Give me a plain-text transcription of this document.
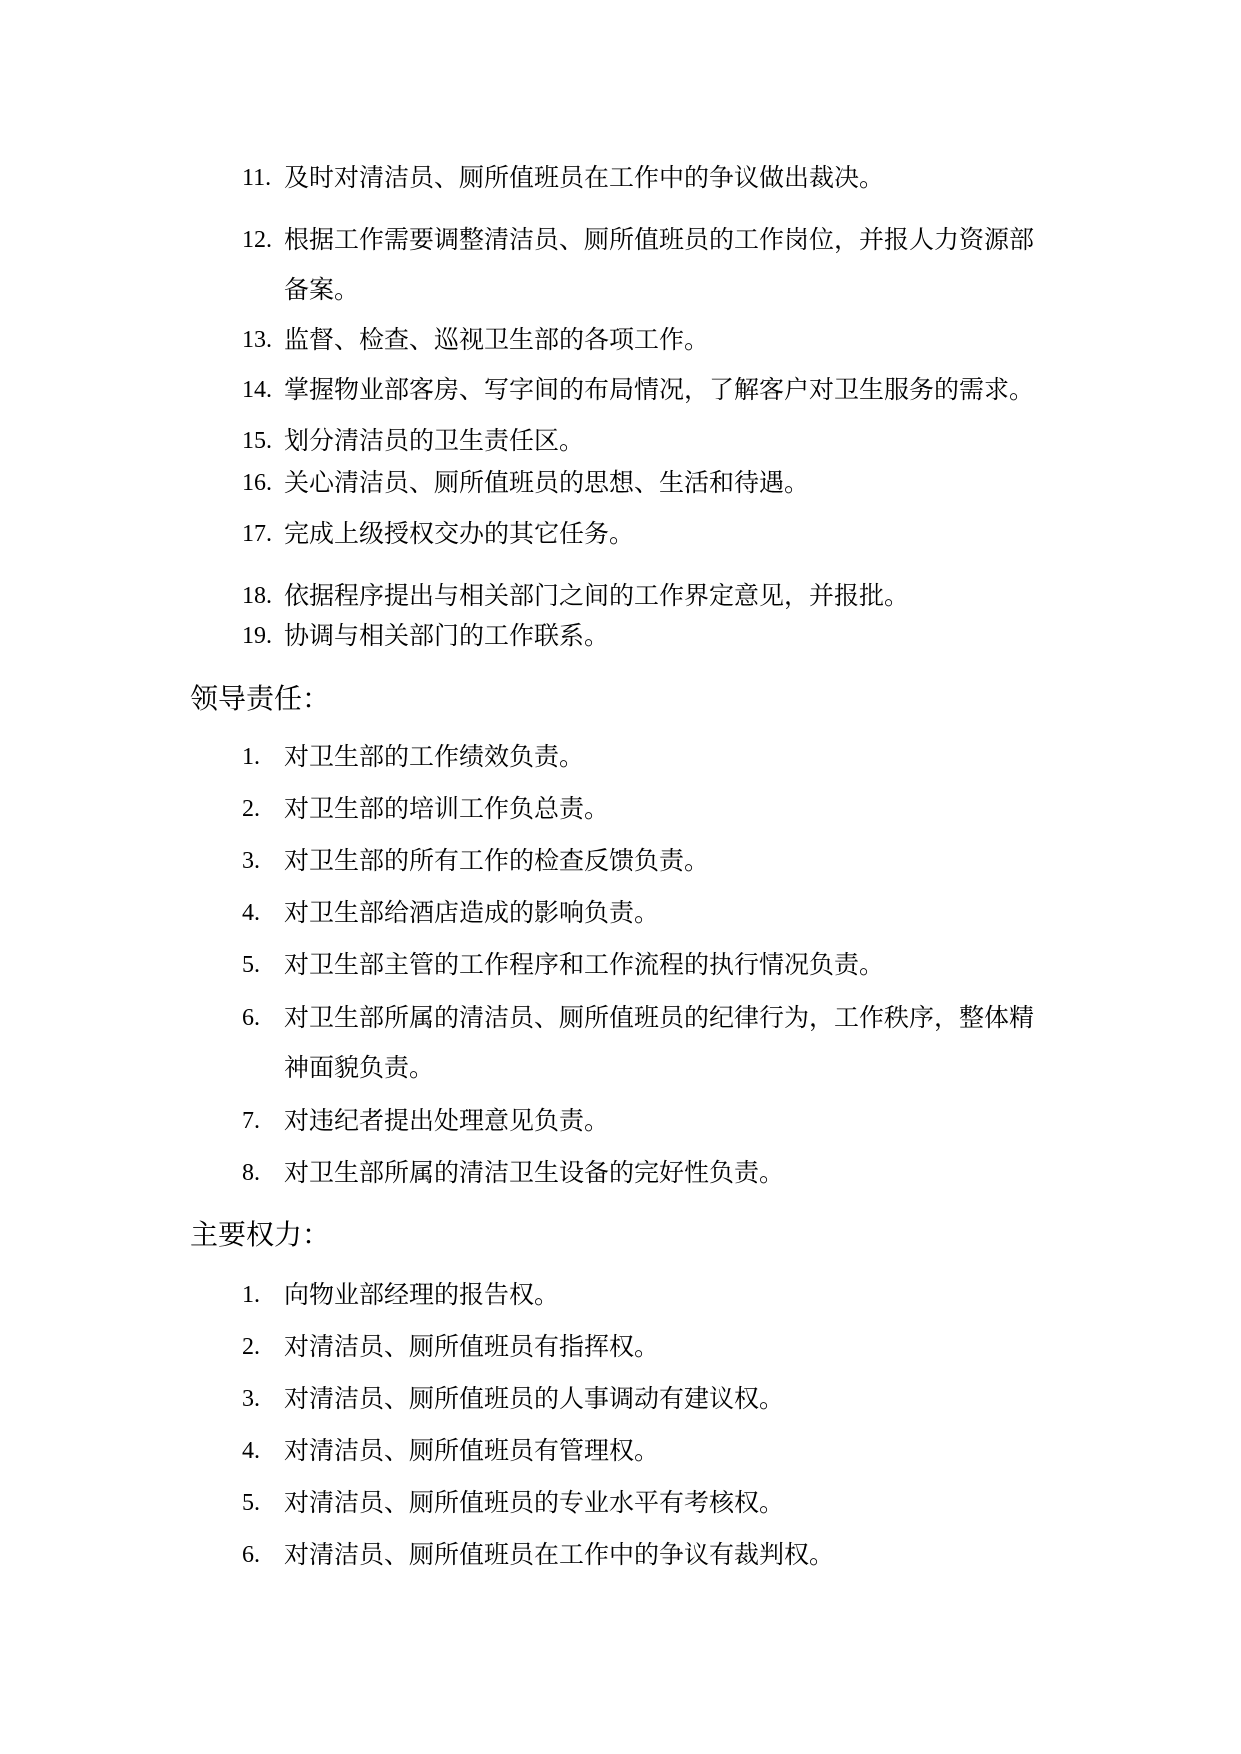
11. 及时对清洁员、厕所值班员在工作中的争议做出裁决。
12. 根据工作需要调整清洁员、厕所值班员的工作岗位，并报人力资源部
备案。
13. 监督、检查、巡视卫生部的各项工作。
14. 掌握物业部客房、写字间的布局情况，了解客户对卫生服务的需求。
15. 划分清洁员的卫生责任区。
16. 关心清洁员、厕所值班员的思想、生活和待遇。
17. 完成上级授权交办的其它任务。
18. 依据程序提出与相关部门之间的工作界定意见，并报批。
19. 协调与相关部门的工作联系。
领导责任：
1. 对卫生部的工作绩效负责。
2. 对卫生部的培训工作负总责。
3. 对卫生部的所有工作的检查反馈负责。
4. 对卫生部给酒店造成的影响负责。
5. 对卫生部主管的工作程序和工作流程的执行情况负责。
6. 对卫生部所属的清洁员、厕所值班员的纪律行为，工作秩序，整体精
神面貌负责。
7. 对违纪者提出处理意见负责。
8. 对卫生部所属的清洁卫生设备的完好性负责。
主要权力：
1. 向物业部经理的报告权。
2. 对清洁员、厕所值班员有指挥权。
3. 对清洁员、厕所值班员的人事调动有建议权。
4. 对清洁员、厕所值班员有管理权。
5. 对清洁员、厕所值班员的专业水平有考核权。
6. 对清洁员、厕所值班员在工作中的争议有裁判权。
